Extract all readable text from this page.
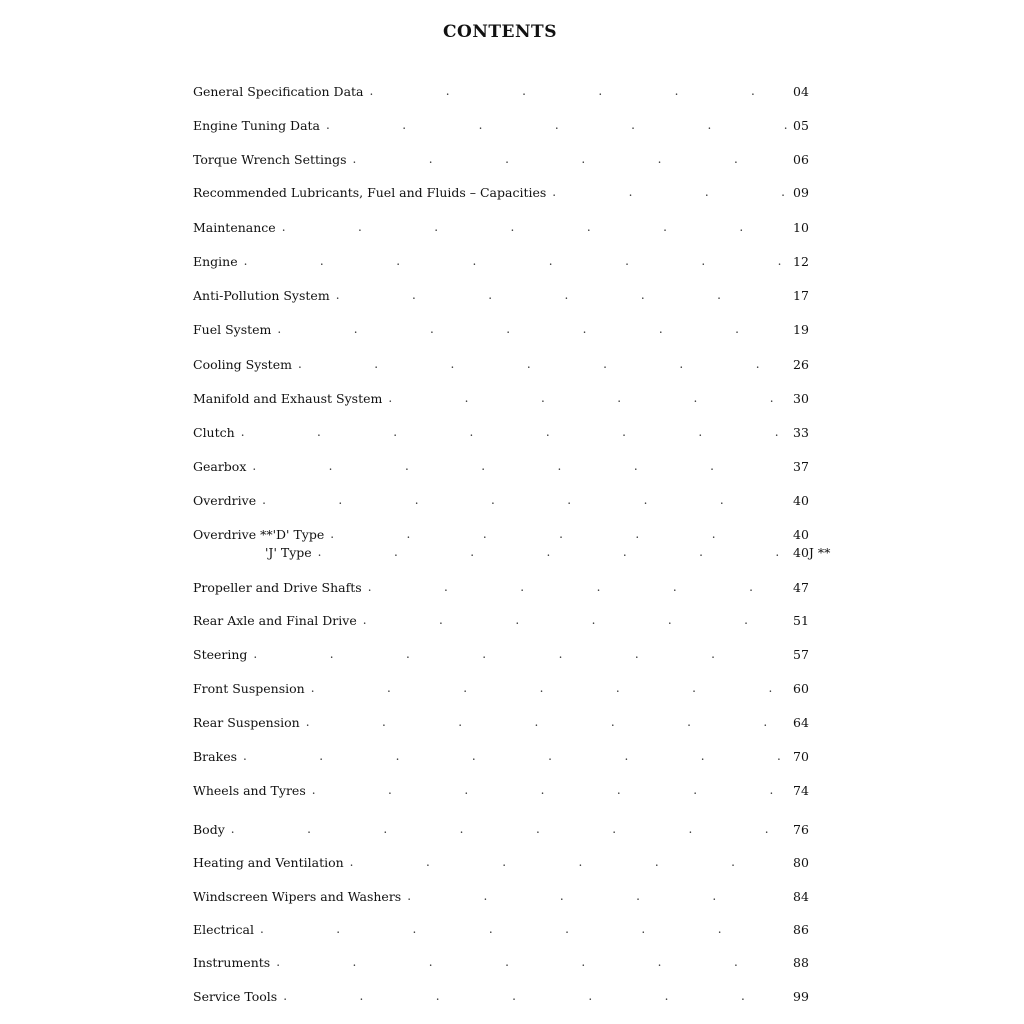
CONTENTS
General Specification Data .	04
Engine Tuning Data .	05
Torque Wrench Settings .	06
Recommended Lubricants, Fuel and Fluids – Capacities .	09
Maintenance .	10
Engine .	12
Anti-Pollution System .	17
Fuel System .	19
Cooling System .	26
Manifold and Exhaust System .	30
Clutch .	33
Gearbox .	37
Overdrive .	40
Overdrive **'D' Type .	40
'J' Type .	40J **
Propeller and Drive Shafts .	47
Rear Axle and Final Drive .	51
Steering .	57
Front Suspension .	60
Rear Suspension .	64
Brakes .	70
Wheels and Tyres .	74
Body .	76
Heating and Ventilation .	80
Windscreen Wipers and Washers .	84
Electrical .	86
Instruments .	88
Service Tools .	99
